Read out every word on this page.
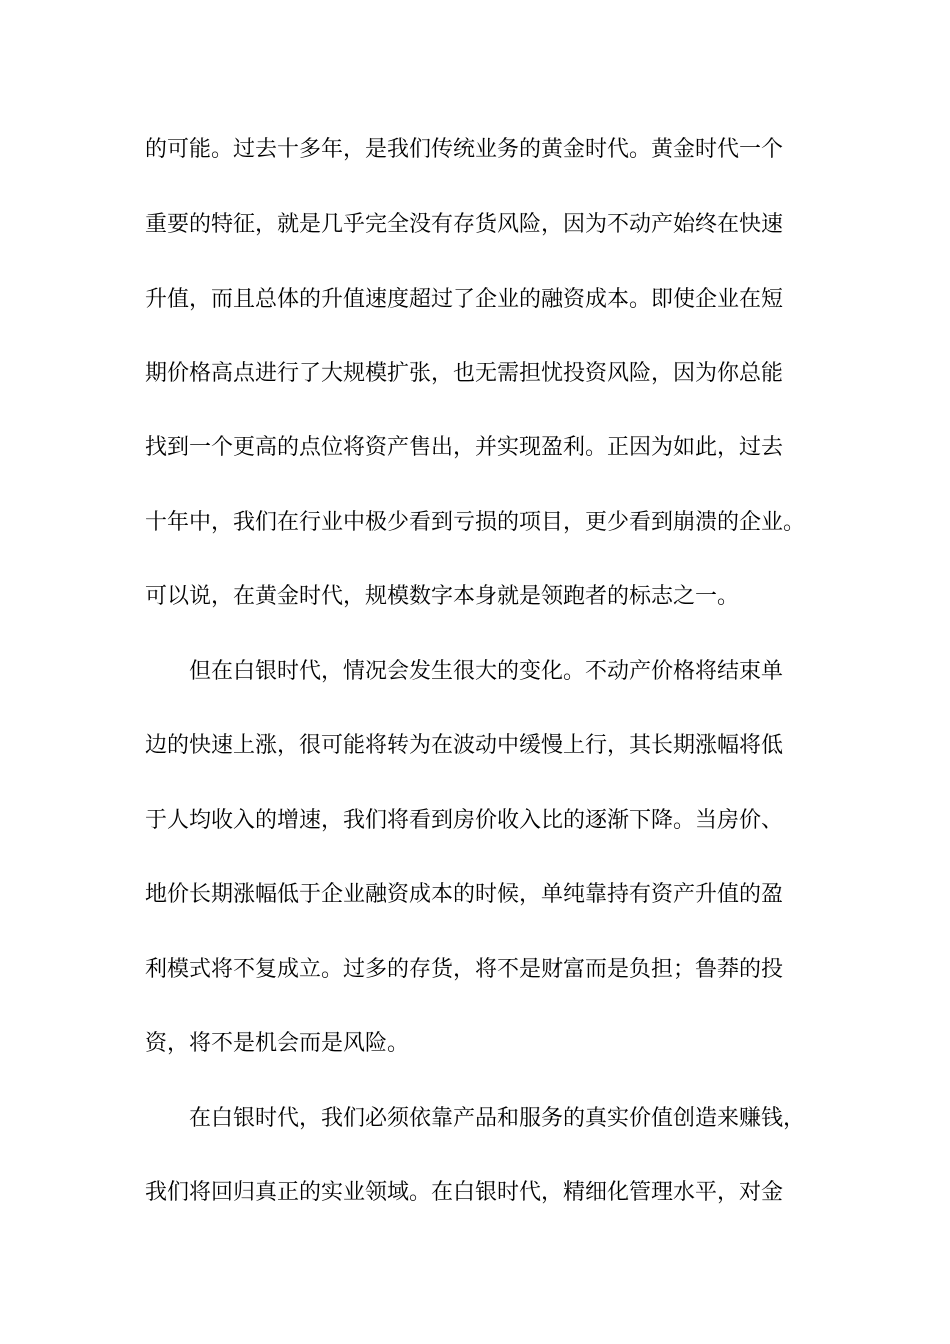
的可能。过去十多年，是我们传统业务的黄金时代。黄金时代一个
重要的特征，就是几乎完全没有存货风险，因为不动产始终在快速
升值，而且总体的升值速度超过了企业的融资成本。即使企业在短
期价格高点进行了大规模扩张，也无需担忧投资风险，因为你总能
找到一个更高的点位将资产售出，并实现盈利。正因为如此，过去
十年中，我们在行业中极少看到亏损的项目，更少看到崩溃的企业。
可以说，在黄金时代，规模数字本身就是领跑者的标志之一。
但在白银时代，情况会发生很大的变化。不动产价格将结束单
边的快速上涨，很可能将转为在波动中缓慢上行，其长期涨幅将低
于人均收入的增速，我们将看到房价收入比的逐渐下降。当房价、
地价长期涨幅低于企业融资成本的时候，单纯靠持有资产升值的盈
利模式将不复成立。过多的存货，将不是财富而是负担；鲁莽的投
资，将不是机会而是风险。
在白银时代，我们必须依靠产品和服务的真实价值创造来赚钱，
我们将回归真正的实业领域。在白银时代，精细化管理水平，对金
